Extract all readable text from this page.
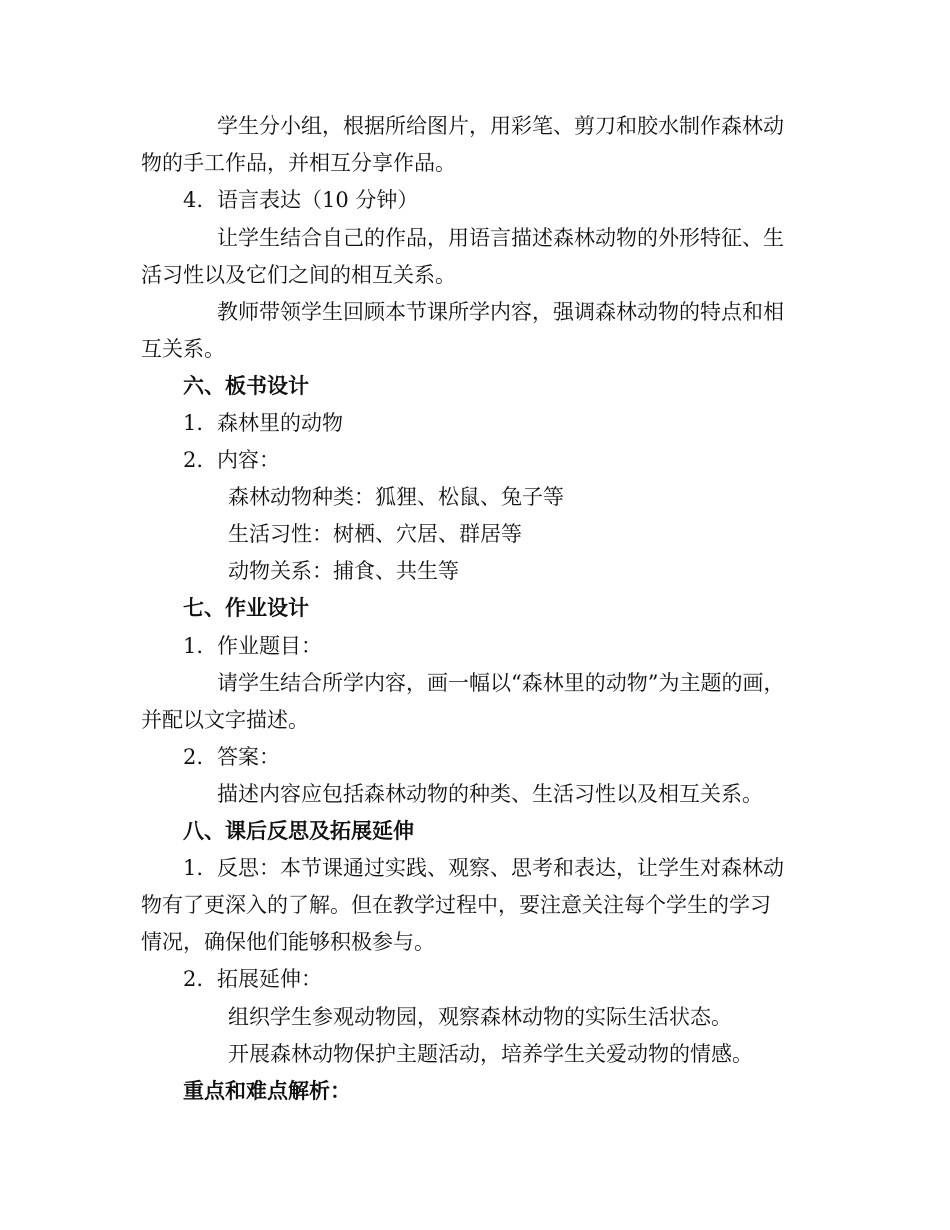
学生分小组，根据所给图片，用彩笔、剪刀和胶水制作森林动

物的手工作品，并相互分享作品。

4. 语言表达（10 分钟）

让学生结合自己的作品，用语言描述森林动物的外形特征、生

活习性以及它们之间的相互关系。

教师带领学生回顾本节课所学内容，强调森林动物的特点和相

互关系。

六、板书设计

1. 森林里的动物

2. 内容：

森林动物种类：狐狸、松鼠、兔子等

生活习性：树栖、穴居、群居等

动物关系：捕食、共生等

七、作业设计

1. 作业题目：

请学生结合所学内容，画一幅以“森林里的动物”为主题的画，

并配以文字描述。

2. 答案：

描述内容应包括森林动物的种类、生活习性以及相互关系。

八、课后反思及拓展延伸

1. 反思：本节课通过实践、观察、思考和表达，让学生对森林动

物有了更深入的了解。但在教学过程中，要注意关注每个学生的学习

情况，确保他们能够积极参与。

2. 拓展延伸：

组织学生参观动物园，观察森林动物的实际生活状态。

开展森林动物保护主题活动，培养学生关爱动物的情感。

重点和难点解析：
